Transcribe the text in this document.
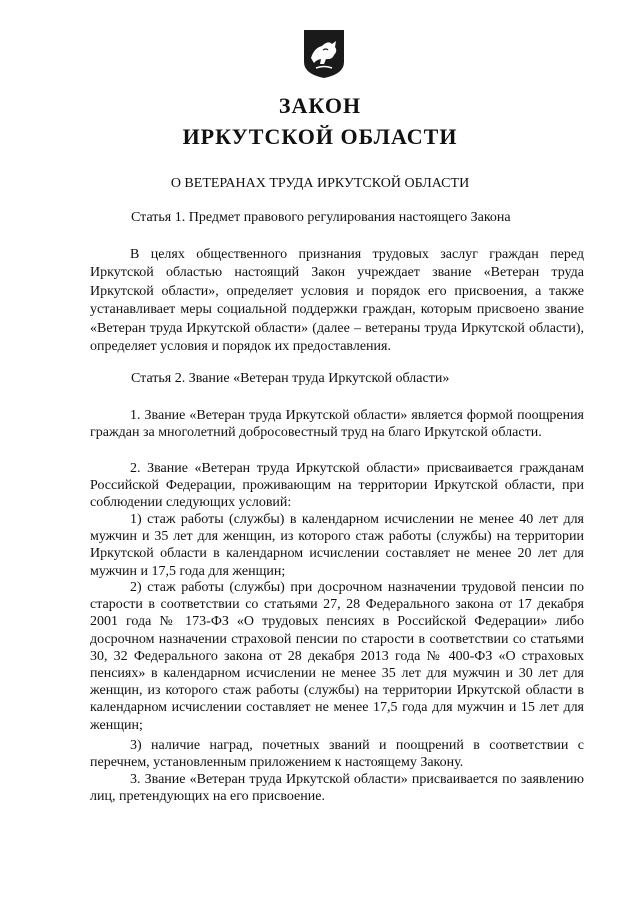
ЗАКОН
ИРКУТСКОЙ ОБЛАСТИ

О ВЕТЕРАНАХ ТРУДА ИРКУТСКОЙ ОБЛАСТИ

Статья 1. Предмет правового регулирования настоящего Закона

В целях общественного признания трудовых заслуг граждан перед Иркутской областью настоящий Закон учреждает звание «Ветеран труда Иркутской области», определяет условия и порядок его присвоения, а также устанавливает меры социальной поддержки граждан, которым присвоено звание «Ветеран труда Иркутской области» (далее – ветераны труда Иркутской области), определяет условия и порядок их предоставления.

Статья 2. Звание «Ветеран труда Иркутской области»

1. Звание «Ветеран труда Иркутской области» является формой поощрения граждан за многолетний добросовестный труд на благо Иркутской области.

2. Звание «Ветеран труда Иркутской области» присваивается гражданам Российской Федерации, проживающим на территории Иркутской области, при соблюдении следующих условий:

1) стаж работы (службы) в календарном исчислении не менее 40 лет для мужчин и 35 лет для женщин, из которого стаж работы (службы) на территории Иркутской области в календарном исчислении составляет не менее 20 лет для мужчин и 17,5 года для женщин;

2) стаж работы (службы) при досрочном назначении трудовой пенсии по старости в соответствии со статьями 27, 28 Федерального закона от 17 декабря 2001 года № 173-ФЗ «О трудовых пенсиях в Российской Федерации» либо досрочном назначении страховой пенсии по старости в соответствии со статьями 30, 32 Федерального закона от 28 декабря 2013 года № 400-ФЗ «О страховых пенсиях» в календарном исчислении не менее 35 лет для мужчин и 30 лет для женщин, из которого стаж работы (службы) на территории Иркутской области в календарном исчислении составляет не менее 17,5 года для мужчин и 15 лет для женщин;

3) наличие наград, почетных званий и поощрений в соответствии с перечнем, установленным приложением к настоящему Закону.

3. Звание «Ветеран труда Иркутской области» присваивается по заявлению лиц, претендующих на его присвоение.
